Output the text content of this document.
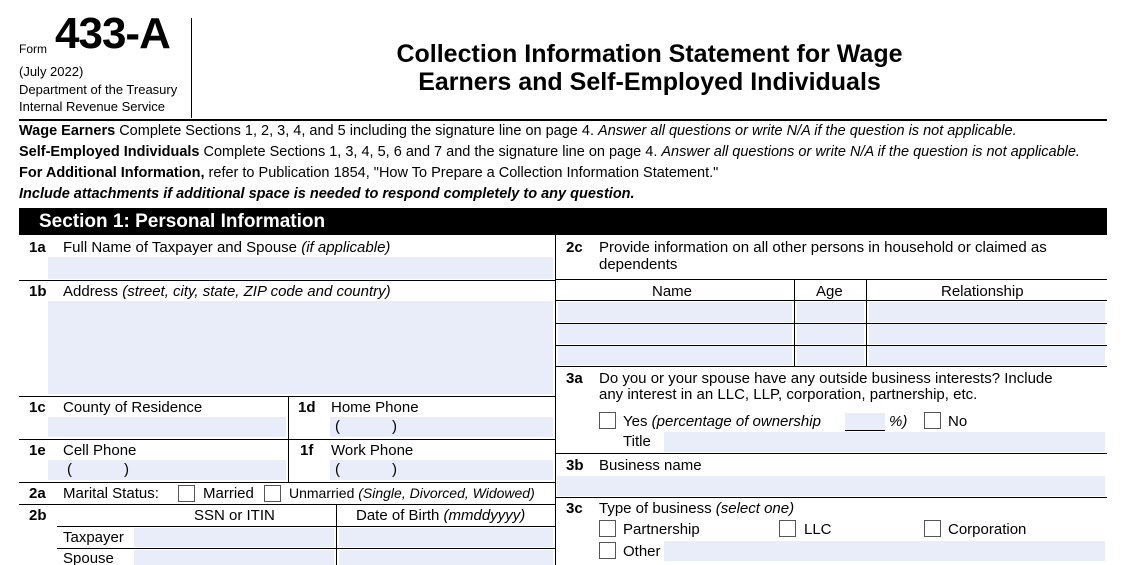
Form 433-A
(July 2022)
Department of the Treasury
Internal Revenue Service
Collection Information Statement for Wage
Earners and Self-Employed Individuals
Wage Earners Complete Sections 1, 2, 3, 4, and 5 including the signature line on page 4. Answer all questions or write N/A if the question is not applicable.
Self-Employed Individuals Complete Sections 1, 3, 4, 5, 6 and 7 and the signature line on page 4. Answer all questions or write N/A if the question is not applicable.
For Additional Information, refer to Publication 1854, "How To Prepare a Collection Information Statement."
Include attachments if additional space is needed to respond completely to any question.
Section 1: Personal Information
1a Full Name of Taxpayer and Spouse (if applicable)
1b Address (street, city, state, ZIP code and country)
1c County of Residence	1d Home Phone
(	)
1e Cell Phone
(	)
1f Work Phone
(	)
2a Marital Status:	Married	Unmarried (Single, Divorced, Widowed)
2b	SSN or ITIN	Date of Birth (mmddyyyy)
Taxpayer
Spouse
2c Provide information on all other persons in household or claimed as
dependents
Name	Age	Relationship
3a Do you or your spouse have any outside business interests? Include
any interest in an LLC, LLP, corporation, partnership, etc.
Yes (percentage of ownership	%)	No
Title
3b Business name
3c Type of business (select one)
Partnership	LLC	Corporation
Other
